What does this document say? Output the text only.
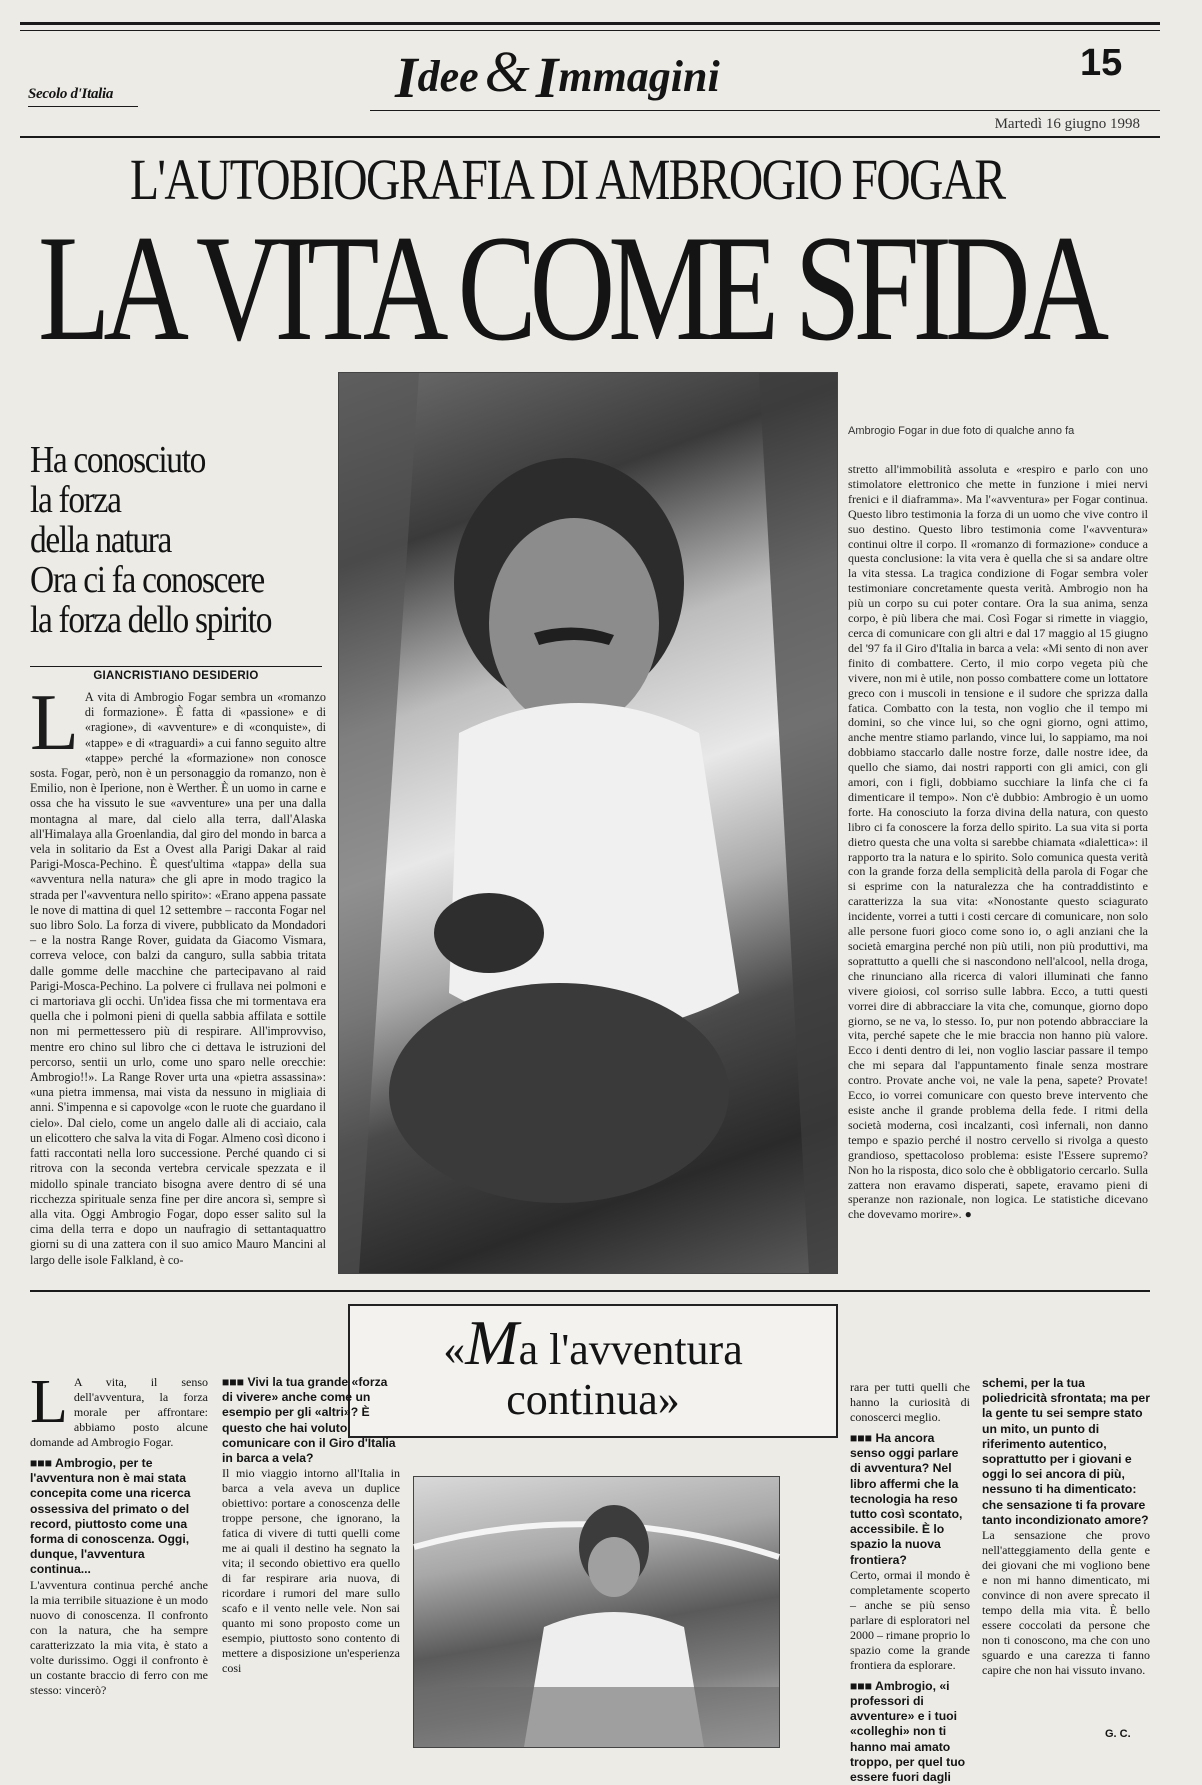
Secolo d'Italia	Idee & Immagini	15
Martedì 16 giugno 1998
L'AUTOBIOGRAFIA DI AMBROGIO FOGAR
LA VITA COME SFIDA
Ha conosciuto
la forza
della natura
Ora ci fa conoscere
la forza dello spirito
GIANCRISTIANO DESIDERIO
L A vita di Ambrogio Fogar sembra un «romanzo di formazione». È fatta di «passione» e di «ragione», di «avventure» e di «conquiste», di «tappe» e di «traguardi» a cui fanno seguito altre «tappe» perché la «formazione» non conosce sosta. Fogar, però, non è un personaggio da romanzo, non è Emilio, non è Iperione, non è Werther. È un uomo in carne e ossa che ha vissuto le sue «avventure» una per una dalla montagna al mare, dal cielo alla terra, dall'Alaska all'Himalaya alla Groenlandia, dal giro del mondo in barca a vela in solitario da Est a Ovest alla Parigi Dakar al raid Parigi-Mosca-Pechino. È quest'ultima «tappa» della sua «avventura nella natura» che gli apre in modo tragico la strada per l'«avventura nello spirito»: «Erano appena passate le nove di mattina di quel 12 settembre – racconta Fogar nel suo libro Solo. La forza di vivere, pubblicato da Mondadori – e la nostra Range Rover, guidata da Giacomo Vismara, correva veloce, con balzi da canguro, sulla sabbia tritata dalle gomme delle macchine che partecipavano al raid Parigi-Mosca-Pechino. La polvere ci frullava nei polmoni e ci martoriava gli occhi. Un'idea fissa che mi tormentava era quella che i polmoni pieni di quella sabbia affilata e sottile non mi permettessero più di respirare. All'improvviso, mentre ero chino sul libro che ci dettava le istruzioni del percorso, sentii un urlo, come uno sparo nelle orecchie: Ambrogio!!». La Range Rover urta una «pietra assassina»: «una pietra immensa, mai vista da nessuno in migliaia di anni. S'impenna e si capovolge «con le ruote che guardano il cielo». Dal cielo, come un angelo dalle ali di acciaio, cala un elicottero che salva la vita di Fogar. Almeno così dicono i fatti raccontati nella loro successione. Perché quando ci si ritrova con la seconda vertebra cervicale spezzata e il midollo spinale tranciato bisogna avere dentro di sé una ricchezza spirituale senza fine per dire ancora sì, sempre sì alla vita. Oggi Ambrogio Fogar, dopo esser salito sul la cima della terra e dopo un naufragio di settantaquattro giorni su di una zattera con il suo amico Mauro Mancini al largo delle isole Falkland, è co-
Ambrogio Fogar in due foto di qualche anno fa
stretto all'immobilità assoluta e «respiro e parlo con uno stimolatore elettronico che mette in funzione i miei nervi frenici e il diaframma». Ma l'«avventura» per Fogar continua. Questo libro testimonia la forza di un uomo che vive contro il suo destino. Questo libro testimonia come l'«avventura» continui oltre il corpo. Il «romanzo di formazione» conduce a questa conclusione: la vita vera è quella che si sa andare oltre la vita stessa. La tragica condizione di Fogar sembra voler testimoniare concretamente questa verità. Ambrogio non ha più un corpo su cui poter contare. Ora la sua anima, senza corpo, è più libera che mai. Così Fogar si rimette in viaggio, cerca di comunicare con gli altri e dal 17 maggio al 15 giugno del '97 fa il Giro d'Italia in barca a vela: «Mi sento di non aver finito di combattere. Certo, il mio corpo vegeta più che vivere, non mi è utile, non posso combattere come un lottatore greco con i muscoli in tensione e il sudore che sprizza dalla fatica. Combatto con la testa, non voglio che il tempo mi domini, so che vince lui, so che ogni giorno, ogni attimo, anche mentre stiamo parlando, vince lui, lo sappiamo, ma noi dobbiamo staccarlo dalle nostre forze, dalle nostre idee, da quello che siamo, dai nostri rapporti con gli amici, con gli amori, con i figli, dobbiamo succhiare la linfa che ci fa dimenticare il tempo». Non c'è dubbio: Ambrogio è un uomo forte. Ha conosciuto la forza divina della natura, con questo libro ci fa conoscere la forza dello spirito. La sua vita si porta dietro questa che una volta si sarebbe chiamata «dialettica»: il rapporto tra la natura e lo spirito. Solo comunica questa verità con la grande forza della semplicità della parola di Fogar che si esprime con la naturalezza che ha contraddistinto e caratterizza la sua vita: «Nonostante questo sciagurato incidente, vorrei a tutti i costi cercare di comunicare, non solo alle persone fuori gioco come sono io, o agli anziani che la società emargina perché non più utili, non più produttivi, ma soprattutto a quelli che si nascondono nell'alcool, nella droga, che rinunciano alla ricerca di valori illuminati che fanno vivere gioiosi, col sorriso sulle labbra. Ecco, a tutti questi vorrei dire di abbracciare la vita che, comunque, giorno dopo giorno, se ne va, lo stesso. Io, pur non potendo abbracciare la vita, perché sapete che le mie braccia non hanno più valore. Ecco i denti dentro di lei, non voglio lasciar passare il tempo che mi separa dal l'appuntamento finale senza mostrare contro. Provate anche voi, ne vale la pena, sapete? Provate! Ecco, io vorrei comunicare con questo breve intervento che esiste anche il grande problema della fede. I ritmi della società moderna, così incalzanti, così infernali, non danno tempo e spazio perché il nostro cervello si rivolga a questo grandioso, spettacoloso problema: esiste l'Essere supremo? Non ho la risposta, dico solo che è obbligatorio cercarlo. Sulla zattera non eravamo disperati, sapete, eravamo pieni di speranze non razionale, non logica. Le statistiche dicevano che dovevamo morire». ●
«Ma l'avventura
continua»
L A vita, il senso dell'avventura, la forza morale per affrontare: abbiamo posto alcune domande ad Ambrogio Fogar.
■■■ Ambrogio, per te l'avventura non è mai stata concepita come una ricerca ossessiva del primato o del record, piuttosto come una forma di conoscenza. Oggi, dunque, l'avventura continua...
L'avventura continua perché anche la mia terribile situazione è un modo nuovo di conoscenza. Il confronto con la natura, che ha sempre caratterizzato la mia vita, è stato a volte durissimo. Oggi il confronto è un costante braccio di ferro con me stesso: vincerò?
■■■ Vivi la tua grande «forza di vivere» anche come un esempio per gli «altri»? È questo che hai voluto comunicare con il Giro d'Italia in barca a vela?
Il mio viaggio intorno all'Italia in barca a vela aveva un duplice obiettivo: portare a conoscenza delle troppe persone, che ignorano, la fatica di vivere di tutti quelli come me ai quali il destino ha segnato la vita; il secondo obiettivo era quello di far respirare aria nuova, di ricordare i rumori del mare sullo scafo e il vento nelle vele. Non sai quanto mi sono proposto come un esempio, piuttosto sono contento di mettere a disposizione un'esperienza cosi
rara per tutti quelli che hanno la curiosità di conoscerci meglio.
■■■ Ha ancora senso oggi parlare di avventura? Nel libro affermi che la tecnologia ha reso tutto così scontato, accessibile. È lo spazio la nuova frontiera?
Certo, ormai il mondo è completamente scoperto – anche se più senso parlare di esploratori nel 2000 – rimane proprio lo spazio come la grande frontiera da esplorare.
■■■ Ambrogio, «i professori di avventure» e i tuoi «colleghi» non ti hanno mai amato troppo, per quel tuo essere fuori dagli
schemi, per la tua poliedricità sfrontata; ma per la gente tu sei sempre stato un mito, un punto di riferimento autentico, soprattutto per i giovani e oggi lo sei ancora di più, nessuno ti ha dimenticato: che sensazione ti fa provare tanto incondizionato amore?
La sensazione che provo nell'atteggiamento della gente e dei giovani che mi vogliono bene e non mi hanno dimenticato, mi convince di non avere sprecato il tempo della mia vita. È bello essere coccolati da persone che non ti conoscono, ma che con uno sguardo e una carezza ti fanno capire che non hai vissuto invano.
G. C.
